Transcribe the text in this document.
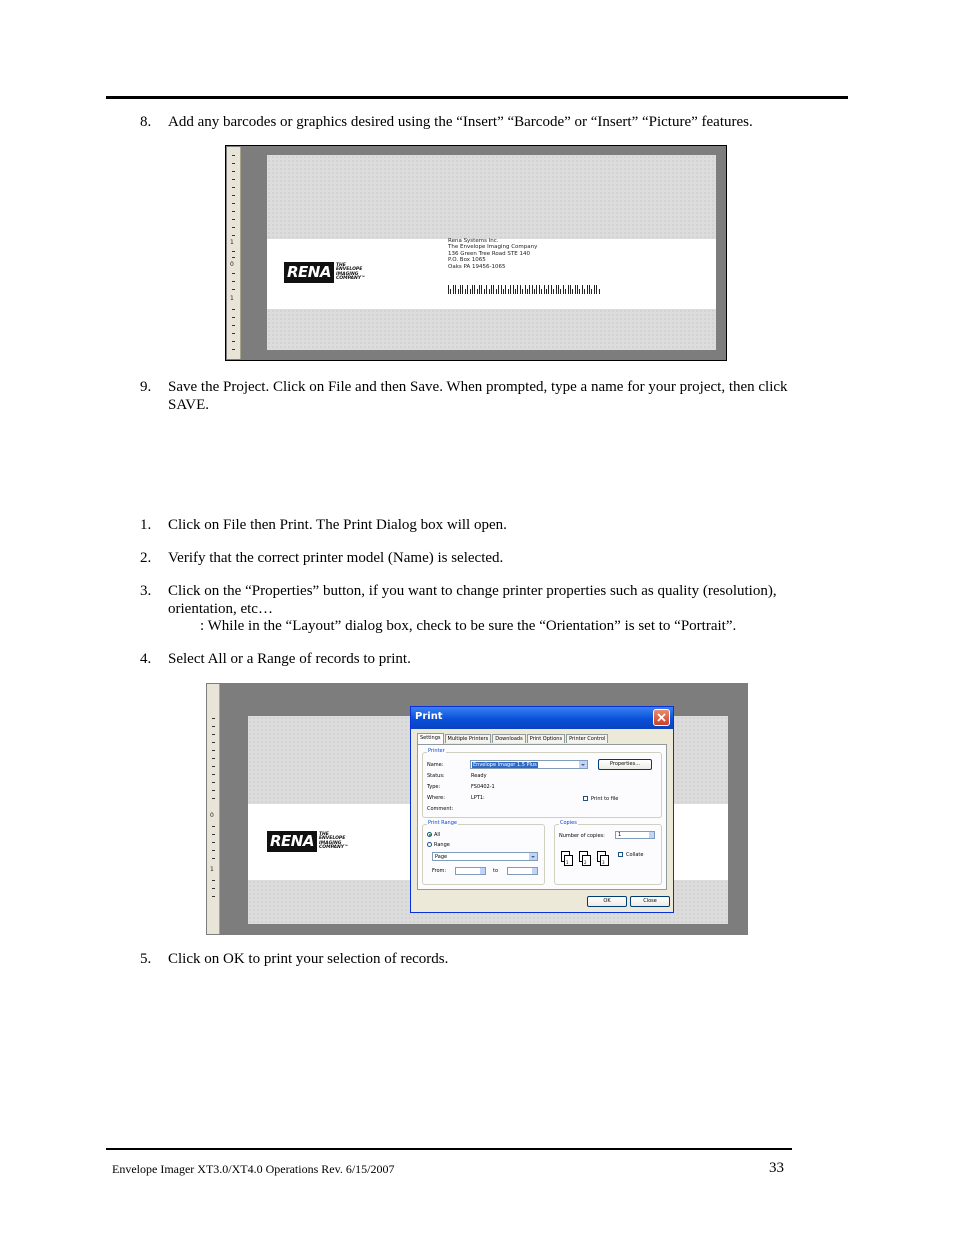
8.	Add any barcodes or graphics desired using the “Insert” “Barcode” or “Insert” “Picture” features.
1
0
1
Rena Systems Inc.
The Envelope Imaging Company
136 Green Tree Road STE 140
P.O. Box 1065
Oaks PA 19456-1065
RENA	THE
ENVELOPE
IMAGING
COMPANY™
9.	Save the Project. Click on File and then Save. When prompted, type a name for your project, then click SAVE.
1.	Click on File then Print. The Print Dialog box will open.
2.	Verify that the correct printer model (Name) is selected.
3.	Click on the “Properties” button, if you want to change printer properties such as quality (resolution), orientation, etc…
: While in the “Layout” dialog box, check to be sure the “Orientation” is set to “Portrait”.
4.	Select All or a Range of records to print.
0
1
RENA	THE
ENVELOPE
IMAGING
COMPANY™
Print
Settings	Multiple Printers	Downloads	Print Options	Printer Control
Printer
Name:	Envelope Imager 1.5 Plus	Properties...
Status:	Ready
Type:	FS0402-1
Where:	LPT1:	Print to file
Comment:
Print Range
All
Range
Page
From:	to
Copies
Number of copies:	1
1	2	3
Collate
OK	Close
5.	Click on OK to print your selection of records.
Envelope Imager XT3.0/XT4.0 Operations Rev. 6/15/2007	33
